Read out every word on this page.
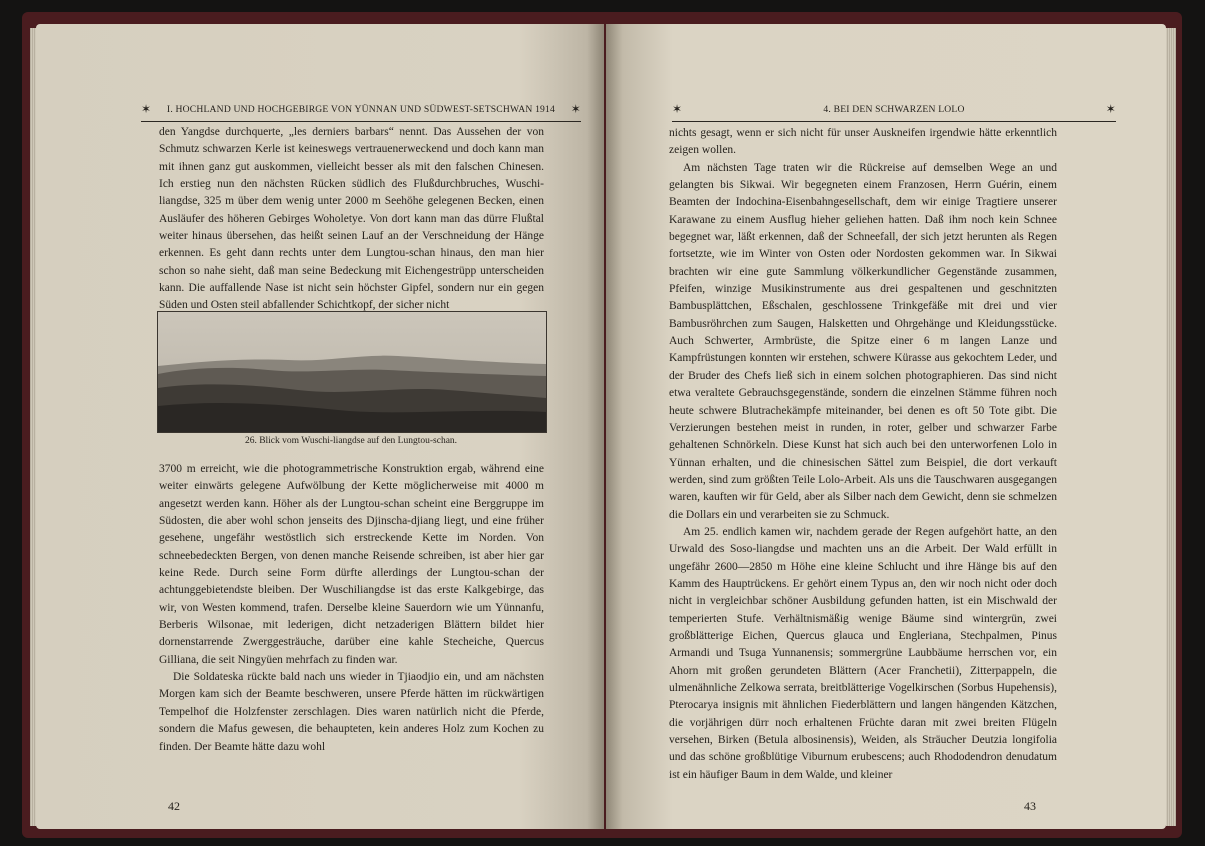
✶ I. HOCHLAND UND HOCHGEBIRGE VON YÜNNAN UND SÜDWEST-SETSCHWAN 1914 ✶

den Yangdse durchquerte, „les derniers barbars“ nennt. Das Aussehen der von Schmutz schwarzen Kerle ist keineswegs vertrauenerweckend und doch kann man mit ihnen ganz gut auskommen, vielleicht besser als mit den falschen Chinesen. Ich erstieg nun den nächsten Rücken südlich des Flußdurchbruches, Wuschi-liangdse, 325 m über dem wenig unter 2000 m Seehöhe gelegenen Becken, einen Ausläufer des höheren Gebirges Woholetye. Von dort kann man das dürre Flußtal weiter hinaus übersehen, das heißt seinen Lauf an der Verschneidung der Hänge erkennen. Es geht dann rechts unter dem Lungtou-schan hinaus, den man hier schon so nahe sieht, daß man seine Bedeckung mit Eichengestrüpp unterscheiden kann. Die auffallende Nase ist nicht sein höchster Gipfel, sondern nur ein gegen Süden und Osten steil abfallender Schichtkopf, der sicher nicht

26. Blick vom Wuschi-liangdse auf den Lungtou-schan.

3700 m erreicht, wie die photogrammetrische Konstruktion ergab, während eine weiter einwärts gelegene Aufwölbung der Kette möglicherweise mit 4000 m angesetzt werden kann. Höher als der Lungtou-schan scheint eine Berggruppe im Südosten, die aber wohl schon jenseits des Djinscha-djiang liegt, und eine früher gesehene, ungefähr westöstlich sich erstreckende Kette im Norden. Von schneebedeckten Bergen, von denen manche Reisende schreiben, ist aber hier gar keine Rede. Durch seine Form dürfte allerdings der Lungtou-schan der achtunggebietendste bleiben. Der Wuschiliangdse ist das erste Kalkgebirge, das wir, von Westen kommend, trafen. Derselbe kleine Sauerdorn wie um Yünnanfu, Berberis Wilsonae, mit lederigen, dicht netzaderigen Blättern bildet hier dornenstarrende Zwerggesträuche, darüber eine kahle Stecheiche, Quercus Gilliana, die seit Ningyüen mehrfach zu finden war.

Die Soldateska rückte bald nach uns wieder in Tjiaodjio ein, und am nächsten Morgen kam sich der Beamte beschweren, unsere Pferde hätten im rückwärtigen Tempelhof die Holzfenster zerschlagen. Dies waren natürlich nicht die Pferde, sondern die Mafus gewesen, die behaupteten, kein anderes Holz zum Kochen zu finden. Der Beamte hätte dazu wohl

42
✶	4. BEI DEN SCHWARZEN LOLO	✶

nichts gesagt, wenn er sich nicht für unser Auskneifen irgendwie hätte erkenntlich zeigen wollen.

Am nächsten Tage traten wir die Rückreise auf demselben Wege an und gelangten bis Sikwai. Wir begegneten einem Franzosen, Herrn Guérin, einem Beamten der Indochina-Eisenbahngesellschaft, dem wir einige Tragtiere unserer Karawane zu einem Ausflug hieher geliehen hatten. Daß ihm noch kein Schnee begegnet war, läßt erkennen, daß der Schneefall, der sich jetzt herunten als Regen fortsetzte, wie im Winter von Osten oder Nordosten gekommen war. In Sikwai brachten wir eine gute Sammlung völkerkundlicher Gegenstände zusammen, Pfeifen, winzige Musikinstrumente aus drei gespaltenen und geschnitzten Bambusplättchen, Eßschalen, geschlossene Trinkgefäße mit drei und vier Bambusröhrchen zum Saugen, Halsketten und Ohrgehänge und Kleidungsstücke. Auch Schwerter, Armbrüste, die Spitze einer 6 m langen Lanze und Kampfrüstungen konnten wir erstehen, schwere Kürasse aus gekochtem Leder, und der Bruder des Chefs ließ sich in einem solchen photographieren. Das sind nicht etwa veraltete Gebrauchsgegenstände, sondern die einzelnen Stämme führen noch heute schwere Blutrachekämpfe miteinander, bei denen es oft 50 Tote gibt. Die Verzierungen bestehen meist in runden, in roter, gelber und schwarzer Farbe gehaltenen Schnörkeln. Diese Kunst hat sich auch bei den unterworfenen Lolo in Yünnan erhalten, und die chinesischen Sättel zum Beispiel, die dort verkauft werden, sind zum größten Teile Lolo-Arbeit. Als uns die Tauschwaren ausgegangen waren, kauften wir für Geld, aber als Silber nach dem Gewicht, denn sie schmelzen die Dollars ein und verarbeiten sie zu Schmuck.

Am 25. endlich kamen wir, nachdem gerade der Regen aufgehört hatte, an den Urwald des Soso-liangdse und machten uns an die Arbeit. Der Wald erfüllt in ungefähr 2600—2850 m Höhe eine kleine Schlucht und ihre Hänge bis auf den Kamm des Hauptrückens. Er gehört einem Typus an, den wir noch nicht oder doch nicht in vergleichbar schöner Ausbildung gefunden hatten, ist ein Mischwald der temperierten Stufe. Verhältnismäßig wenige Bäume sind wintergrün, zwei großblätterige Eichen, Quercus glauca und Engleriana, Stechpalmen, Pinus Armandi und Tsuga Yunnanensis; sommergrüne Laubbäume herrschen vor, ein Ahorn mit großen gerundeten Blättern (Acer Franchetii), Zitterpappeln, die ulmenähnliche Zelkowa serrata, breitblätterige Vogelkirschen (Sorbus Hupehensis), Pterocarya insignis mit ähnlichen Fiederblättern und langen hängenden Kätzchen, die vorjährigen dürr noch erhaltenen Früchte daran mit zwei breiten Flügeln versehen, Birken (Betula albosinensis), Weiden, als Sträucher Deutzia longifolia und das schöne großblütige Viburnum erubescens; auch Rhododendron denudatum ist ein häufiger Baum in dem Walde, und kleiner

43
